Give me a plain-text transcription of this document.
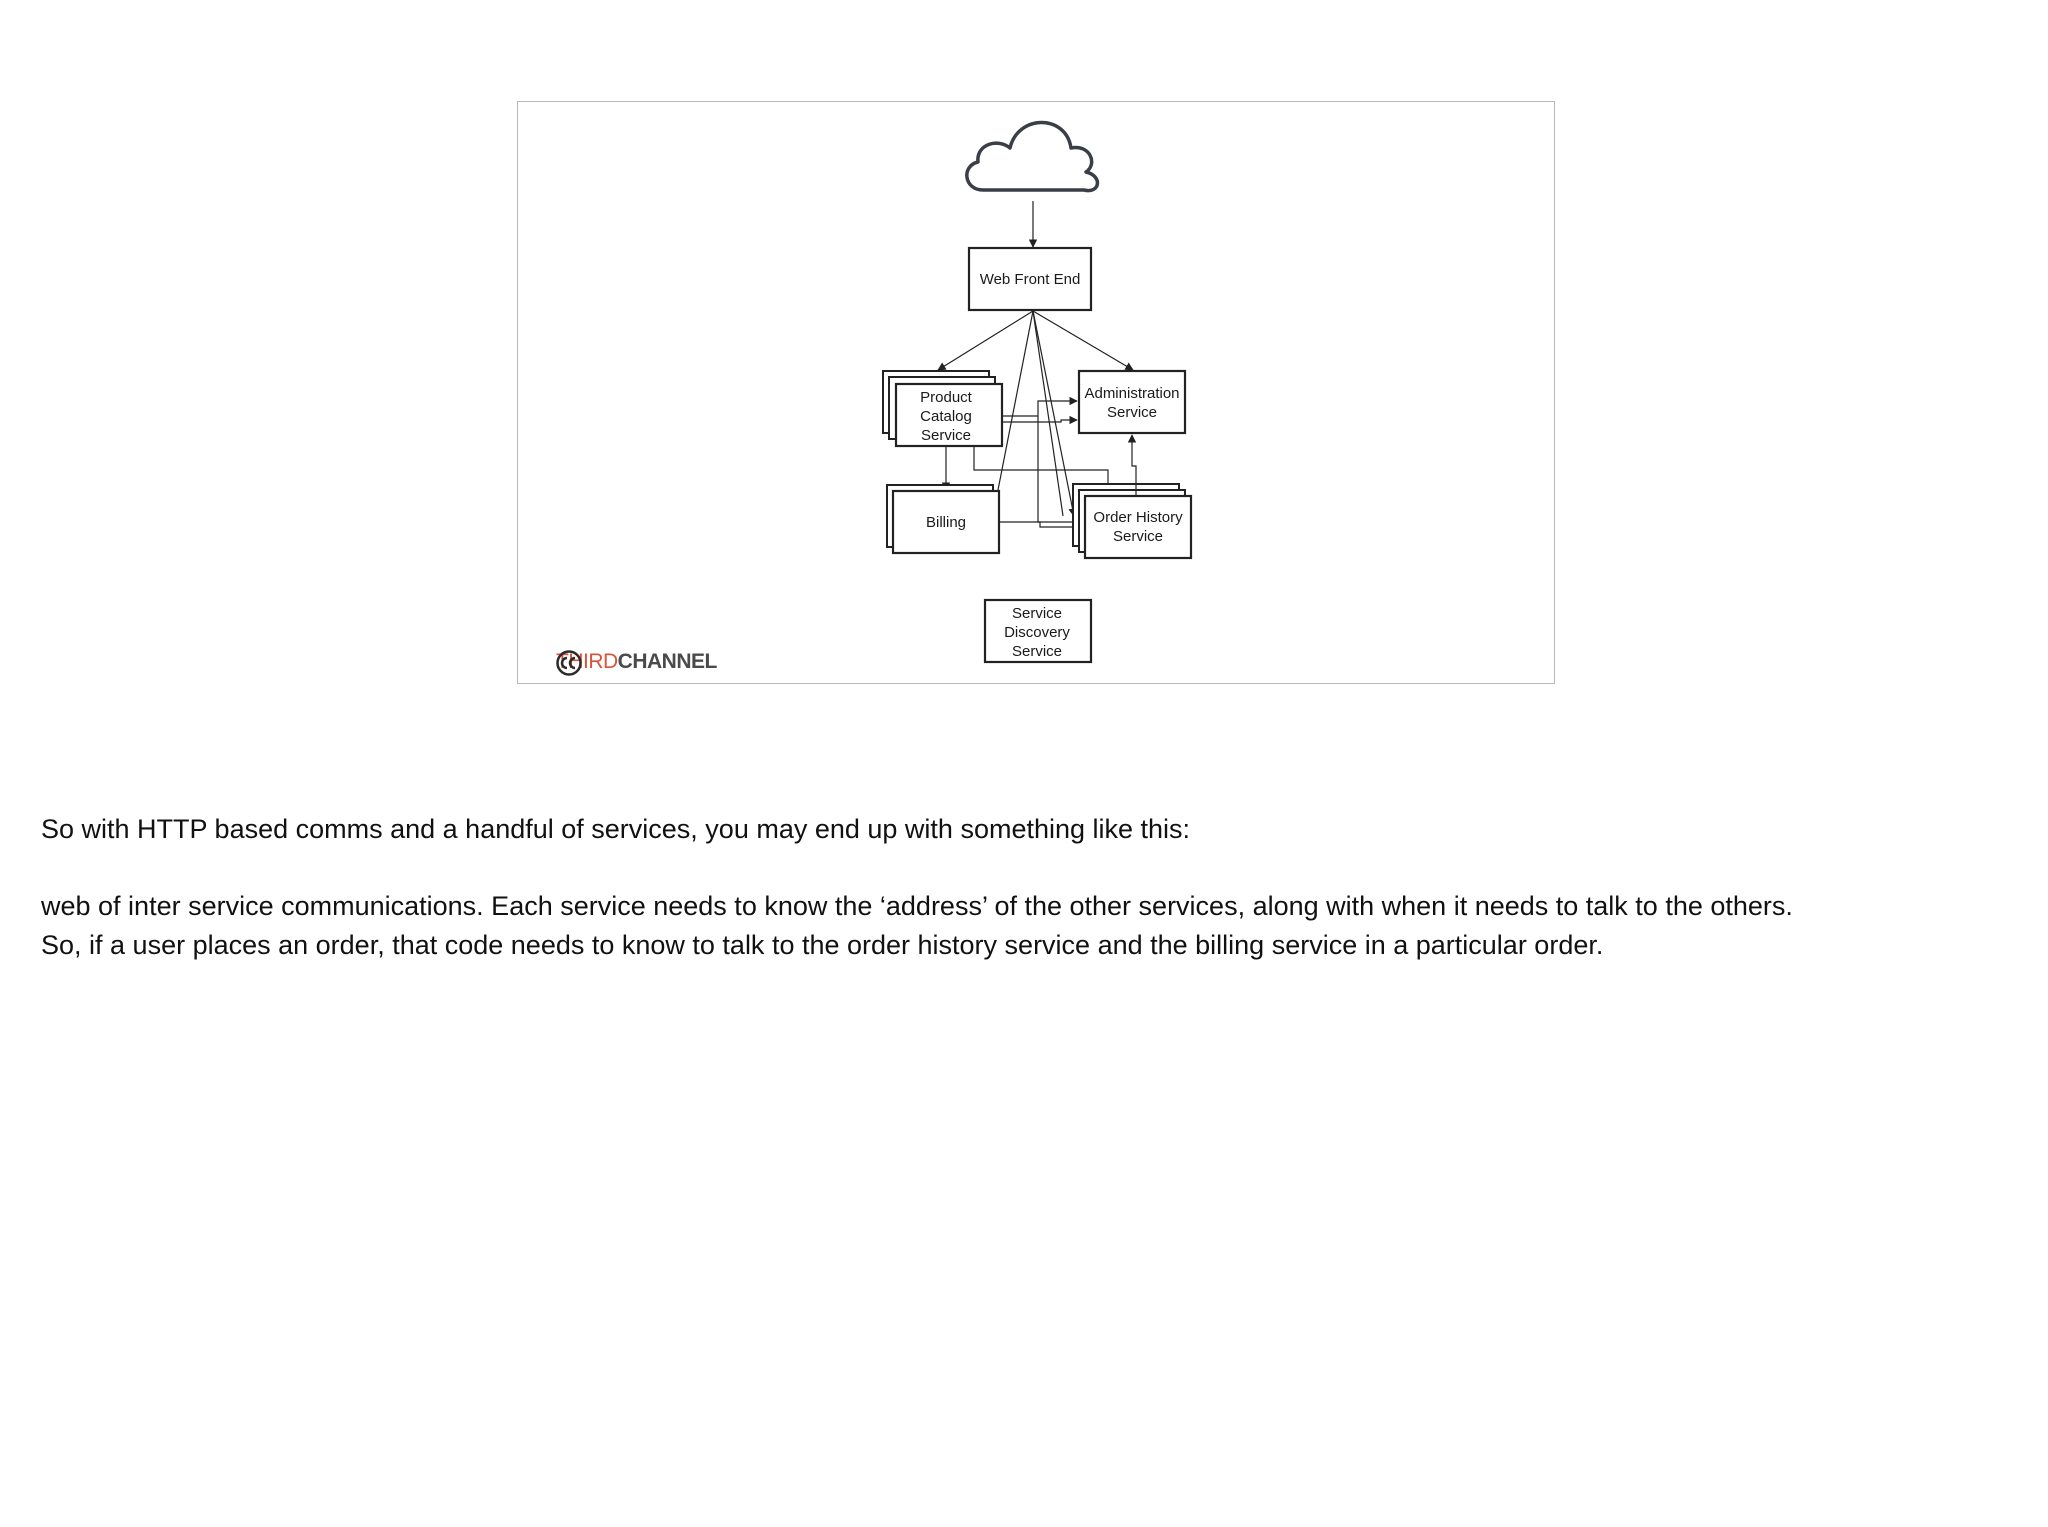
Web Front End
Product
Catalog
Service
Administration
Service
Billing	Order History
Service
Service
Discovery
Service
THIRD CHANNEL

So with HTTP based comms and a handful of services, you may end up with something like this:

web of inter service communications. Each service needs to know the ‘address’ of the other services, along with when it needs to talk to the others.

So, if a user places an order, that code needs to know to talk to the order history service and the billing service in a particular order.
